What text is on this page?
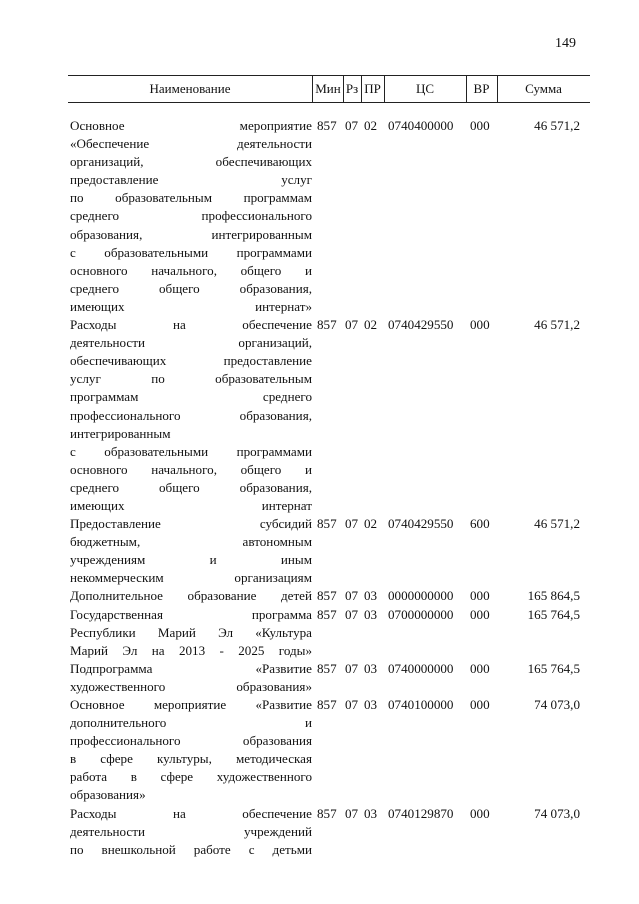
149
Наименование	Мин Рз ПР	ЦС	ВР	Сумма
Основное мероприятие
«Обеспечение деятельности
организаций, обеспечивающих
предоставление услуг
по образовательным программам
среднего профессионального
образования, интегрированным
с образовательными программами
основного начального, общего и
среднего общего образования,
имеющих интернат»
857 07 02 0740400000 000	46 571,2
Расходы на обеспечение
деятельности организаций,
обеспечивающих предоставление
услуг по образовательным
программам среднего
профессионального образования,
интегрированным
с образовательными программами
основного начального, общего и
среднего общего образования,
имеющих интернат
857 07 02 0740429550 000	46 571,2
Предоставление субсидий
бюджетным, автономным
учреждениям и иным
некоммерческим организациям
857 07 02 0740429550 600	46 571,2
Дополнительное образование детей 857 07 03 0000000000 000	165 864,5
Государственная программа
Республики Марий Эл «Культура
Марий Эл на 2013 - 2025 годы»
857 07 03 0700000000 000	165 764,5
Подпрограмма «Развитие
художественного образования»
857 07 03 0740000000 000	165 764,5
Основное мероприятие «Развитие
дополнительного и
профессионального образования
в сфере культуры, методическая
работа в сфере художественного
образования»
857 07 03 0740100000 000	74 073,0
Расходы на обеспечение
деятельности учреждений
по внешкольной работе с детьми
857 07 03 0740129870 000	74 073,0
